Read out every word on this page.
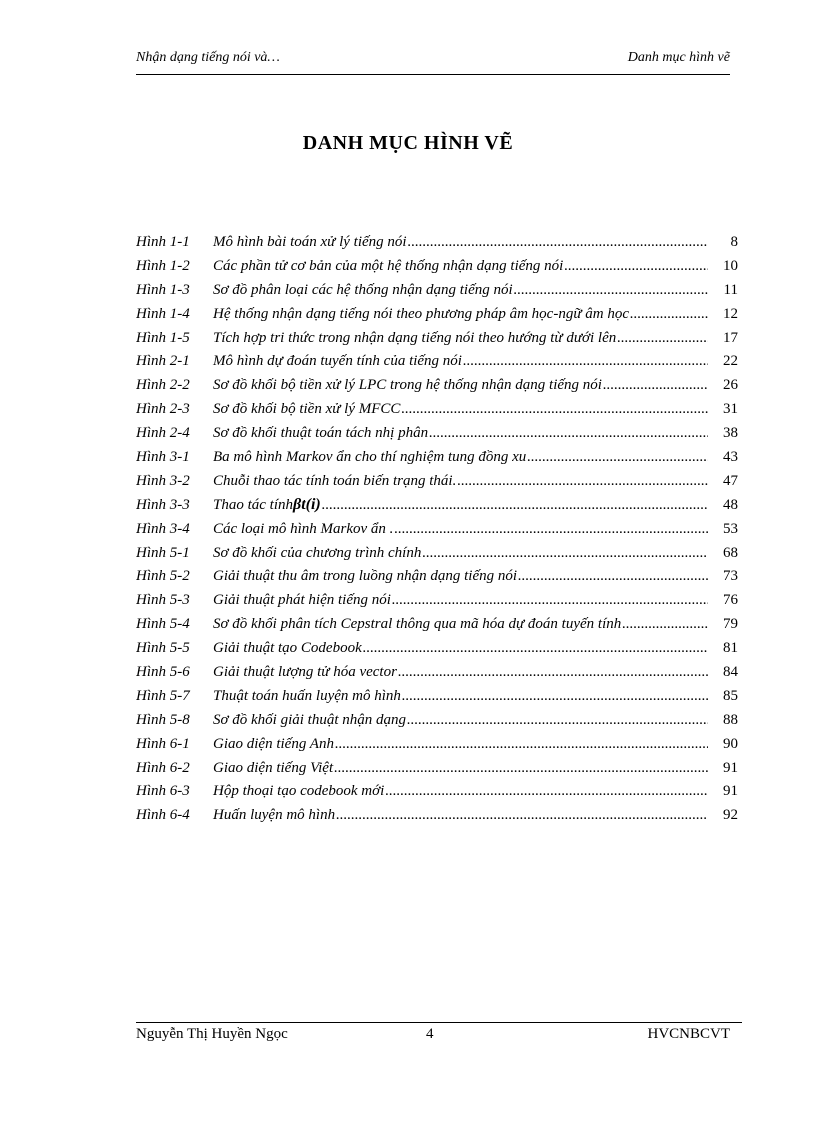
Nhận dạng tiếng nói và…	Danh mục hình vẽ
DANH MỤC HÌNH VẼ
Hình 1-1	Mô hình bài toán xử lý tiếng nói .....	8
Hình 1-2	Các phần tử cơ bản của một hệ thống nhận dạng tiếng nói .....	10
Hình 1-3	Sơ đồ phân loại các hệ thống nhận dạng tiếng nói .....	11
Hình 1-4	Hệ thống nhận dạng tiếng nói theo phương pháp âm học-ngữ âm học .....	12
Hình 1-5	Tích hợp tri thức trong nhận dạng tiếng nói theo hướng từ dưới lên .....	17
Hình 2-1	Mô hình dự đoán tuyến tính của tiếng nói .....	22
Hình 2-2	Sơ đồ khối bộ tiền xử lý LPC trong hệ thống nhận dạng tiếng nói .....	26
Hình 2-3	Sơ đồ khối bộ tiền xử lý MFCC .....	31
Hình 2-4	Sơ đồ khối thuật toán tách nhị phân .....	38
Hình 3-1	Ba mô hình Markov ẩn cho thí nghiệm tung đồng xu .....	43
Hình 3-2	Chuỗi thao tác tính toán biến trạng thái. .....	47
Hình 3-3	Thao tác tính βt(i) .....	48
Hình 3-4	Các loại mô hình Markov ẩn . .....	53
Hình 5-1	Sơ đồ khối của chương trình chính .....	68
Hình 5-2	Giải thuật thu âm trong luồng nhận dạng tiếng nói .....	73
Hình 5-3	Giải thuật phát hiện tiếng nói .....	76
Hình 5-4	Sơ đồ khối phân tích Cepstral thông qua mã hóa dự đoán tuyến tính .....	79
Hình 5-5	Giải thuật tạo Codebook .....	81
Hình 5-6	Giải thuật lượng tử hóa vector .....	84
Hình 5-7	Thuật toán huấn luyện mô hình .....	85
Hình 5-8	Sơ đồ khối giải thuật nhận dạng .....	88
Hình 6-1	Giao diện tiếng Anh .....	90
Hình 6-2	Giao diện tiếng Việt .....	91
Hình 6-3	Hộp thoại tạo codebook mới .....	91
Hình 6-4	Huấn luyện mô hình .....	92
Nguyễn Thị Huyền Ngọc	4	HVCNBCVT
